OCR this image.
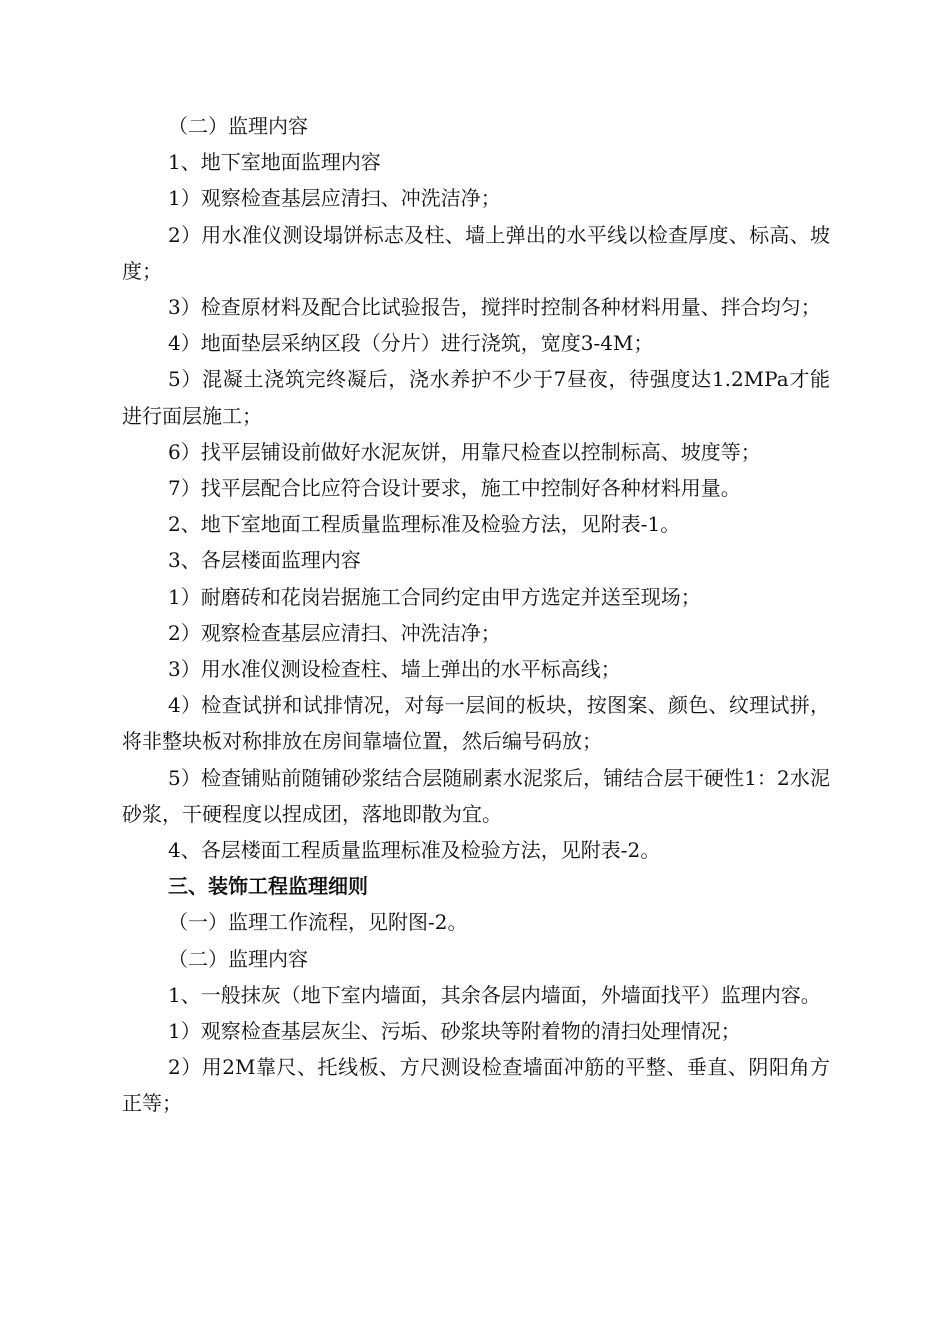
（二）监理内容

1、地下室地面监理内容

1）观察检查基层应清扫、冲洗洁净；

2）用水准仪测设塌饼标志及柱、墙上弹出的水平线以检查厚度、标高、坡度；

3）检查原材料及配合比试验报告，搅拌时控制各种材料用量、拌合均匀；

4）地面垫层采纳区段（分片）进行浇筑，宽度3-4M；

5）混凝土浇筑完终凝后，浇水养护不少于7昼夜，待强度达1.2MPa才能进行面层施工；

6）找平层铺设前做好水泥灰饼，用靠尺检查以控制标高、坡度等；

7）找平层配合比应符合设计要求，施工中控制好各种材料用量。

2、地下室地面工程质量监理标准及检验方法，见附表-1。

3、各层楼面监理内容

1）耐磨砖和花岗岩据施工合同约定由甲方选定并送至现场；

2）观察检查基层应清扫、冲洗洁净；

3）用水准仪测设检查柱、墙上弹出的水平标高线；

4）检查试拼和试排情况，对每一层间的板块，按图案、颜色、纹理试拼，将非整块板对称排放在房间靠墙位置，然后编号码放；

5）检查铺贴前随铺砂浆结合层随刷素水泥浆后，铺结合层干硬性1：2水泥砂浆，干硬程度以捏成团，落地即散为宜。

4、各层楼面工程质量监理标准及检验方法，见附表-2。

三、装饰工程监理细则

（一）监理工作流程，见附图-2。

（二）监理内容

1、一般抹灰（地下室内墙面，其余各层内墙面，外墙面找平）监理内容。

1）观察检查基层灰尘、污垢、砂浆块等附着物的清扫处理情况；

2）用2M靠尺、托线板、方尺测设检查墙面冲筋的平整、垂直、阴阳角方正等；
